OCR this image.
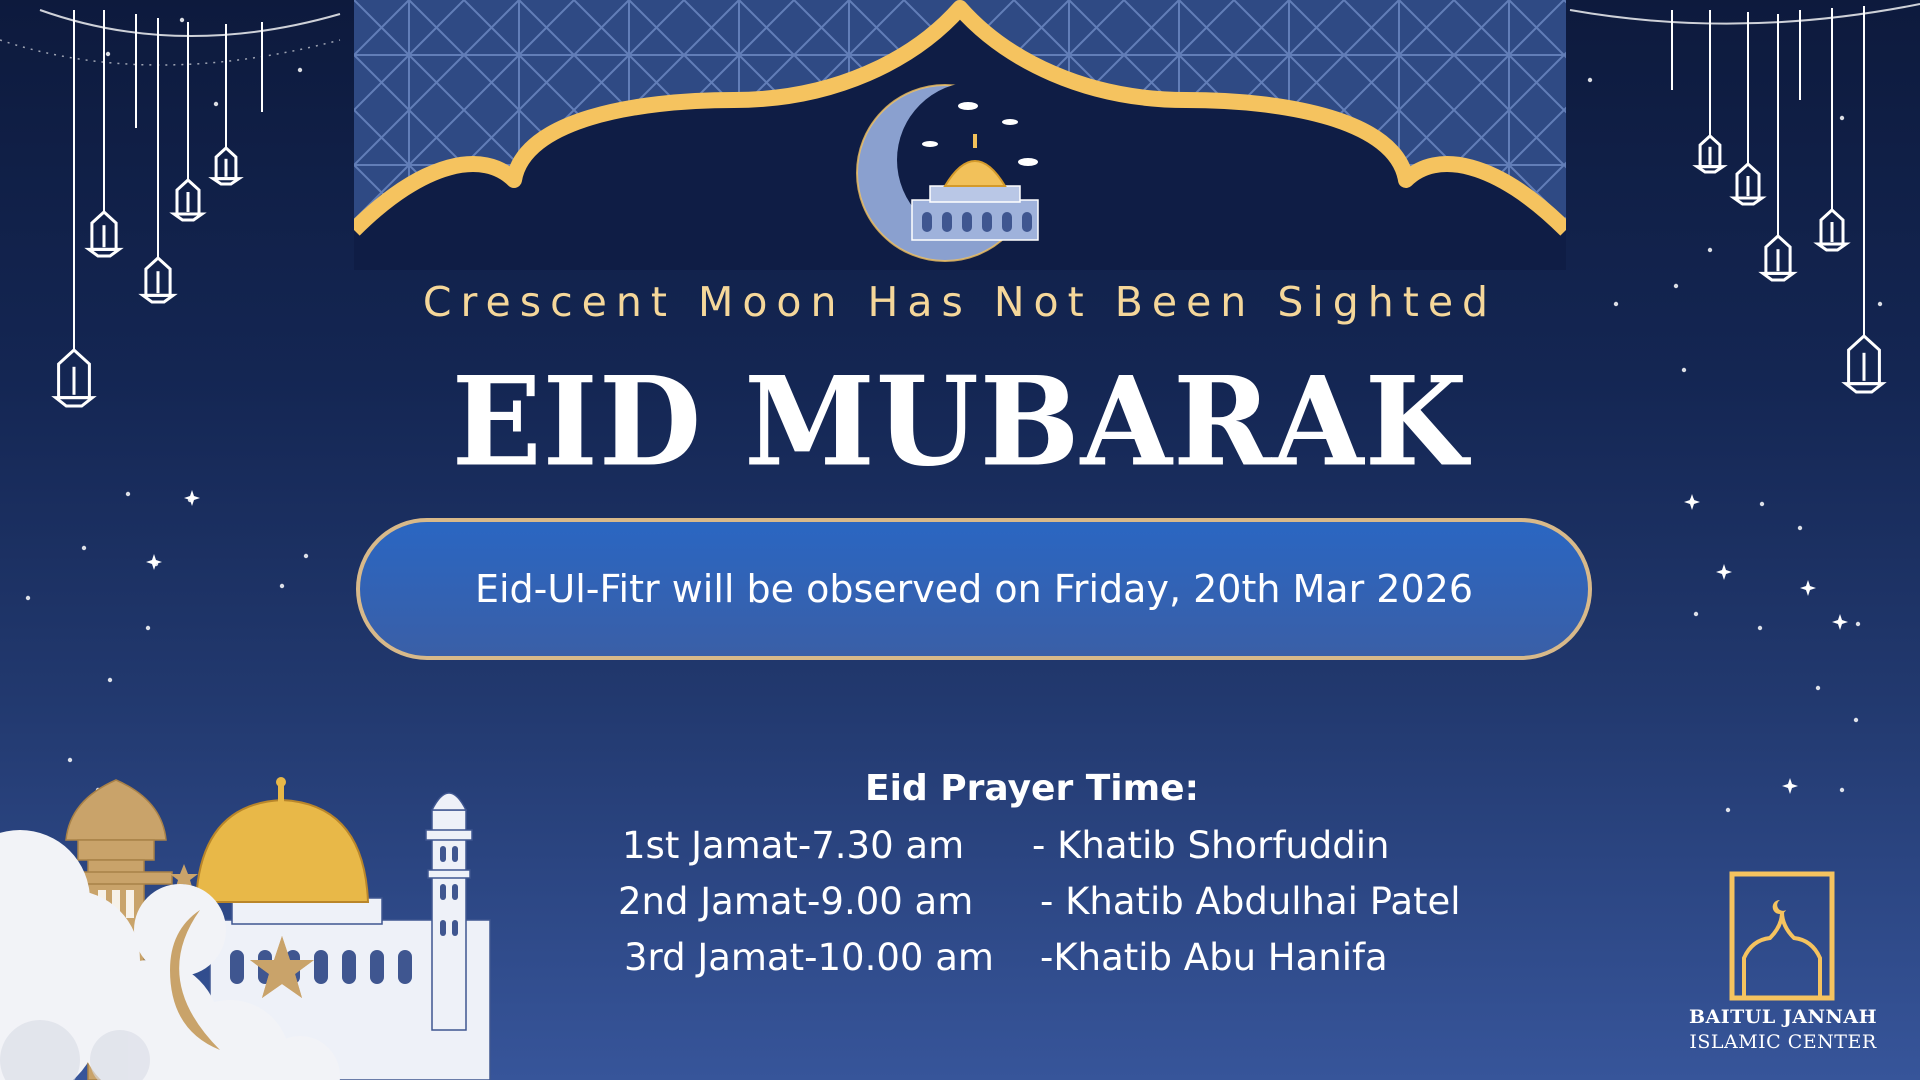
Crescent Moon Has Not Been Sighted
EID MUBARAK
Eid-Ul-Fitr will be observed on Friday, 20th Mar 2026
Eid Prayer Time:
1st Jamat-7.30 am - Khatib Shorfuddin
2nd Jamat-9.00 am - Khatib Abdulhai Patel
3rd Jamat-10.00 am -Khatib Abu Hanifa
BAITUL JANNAH
ISLAMIC CENTER
